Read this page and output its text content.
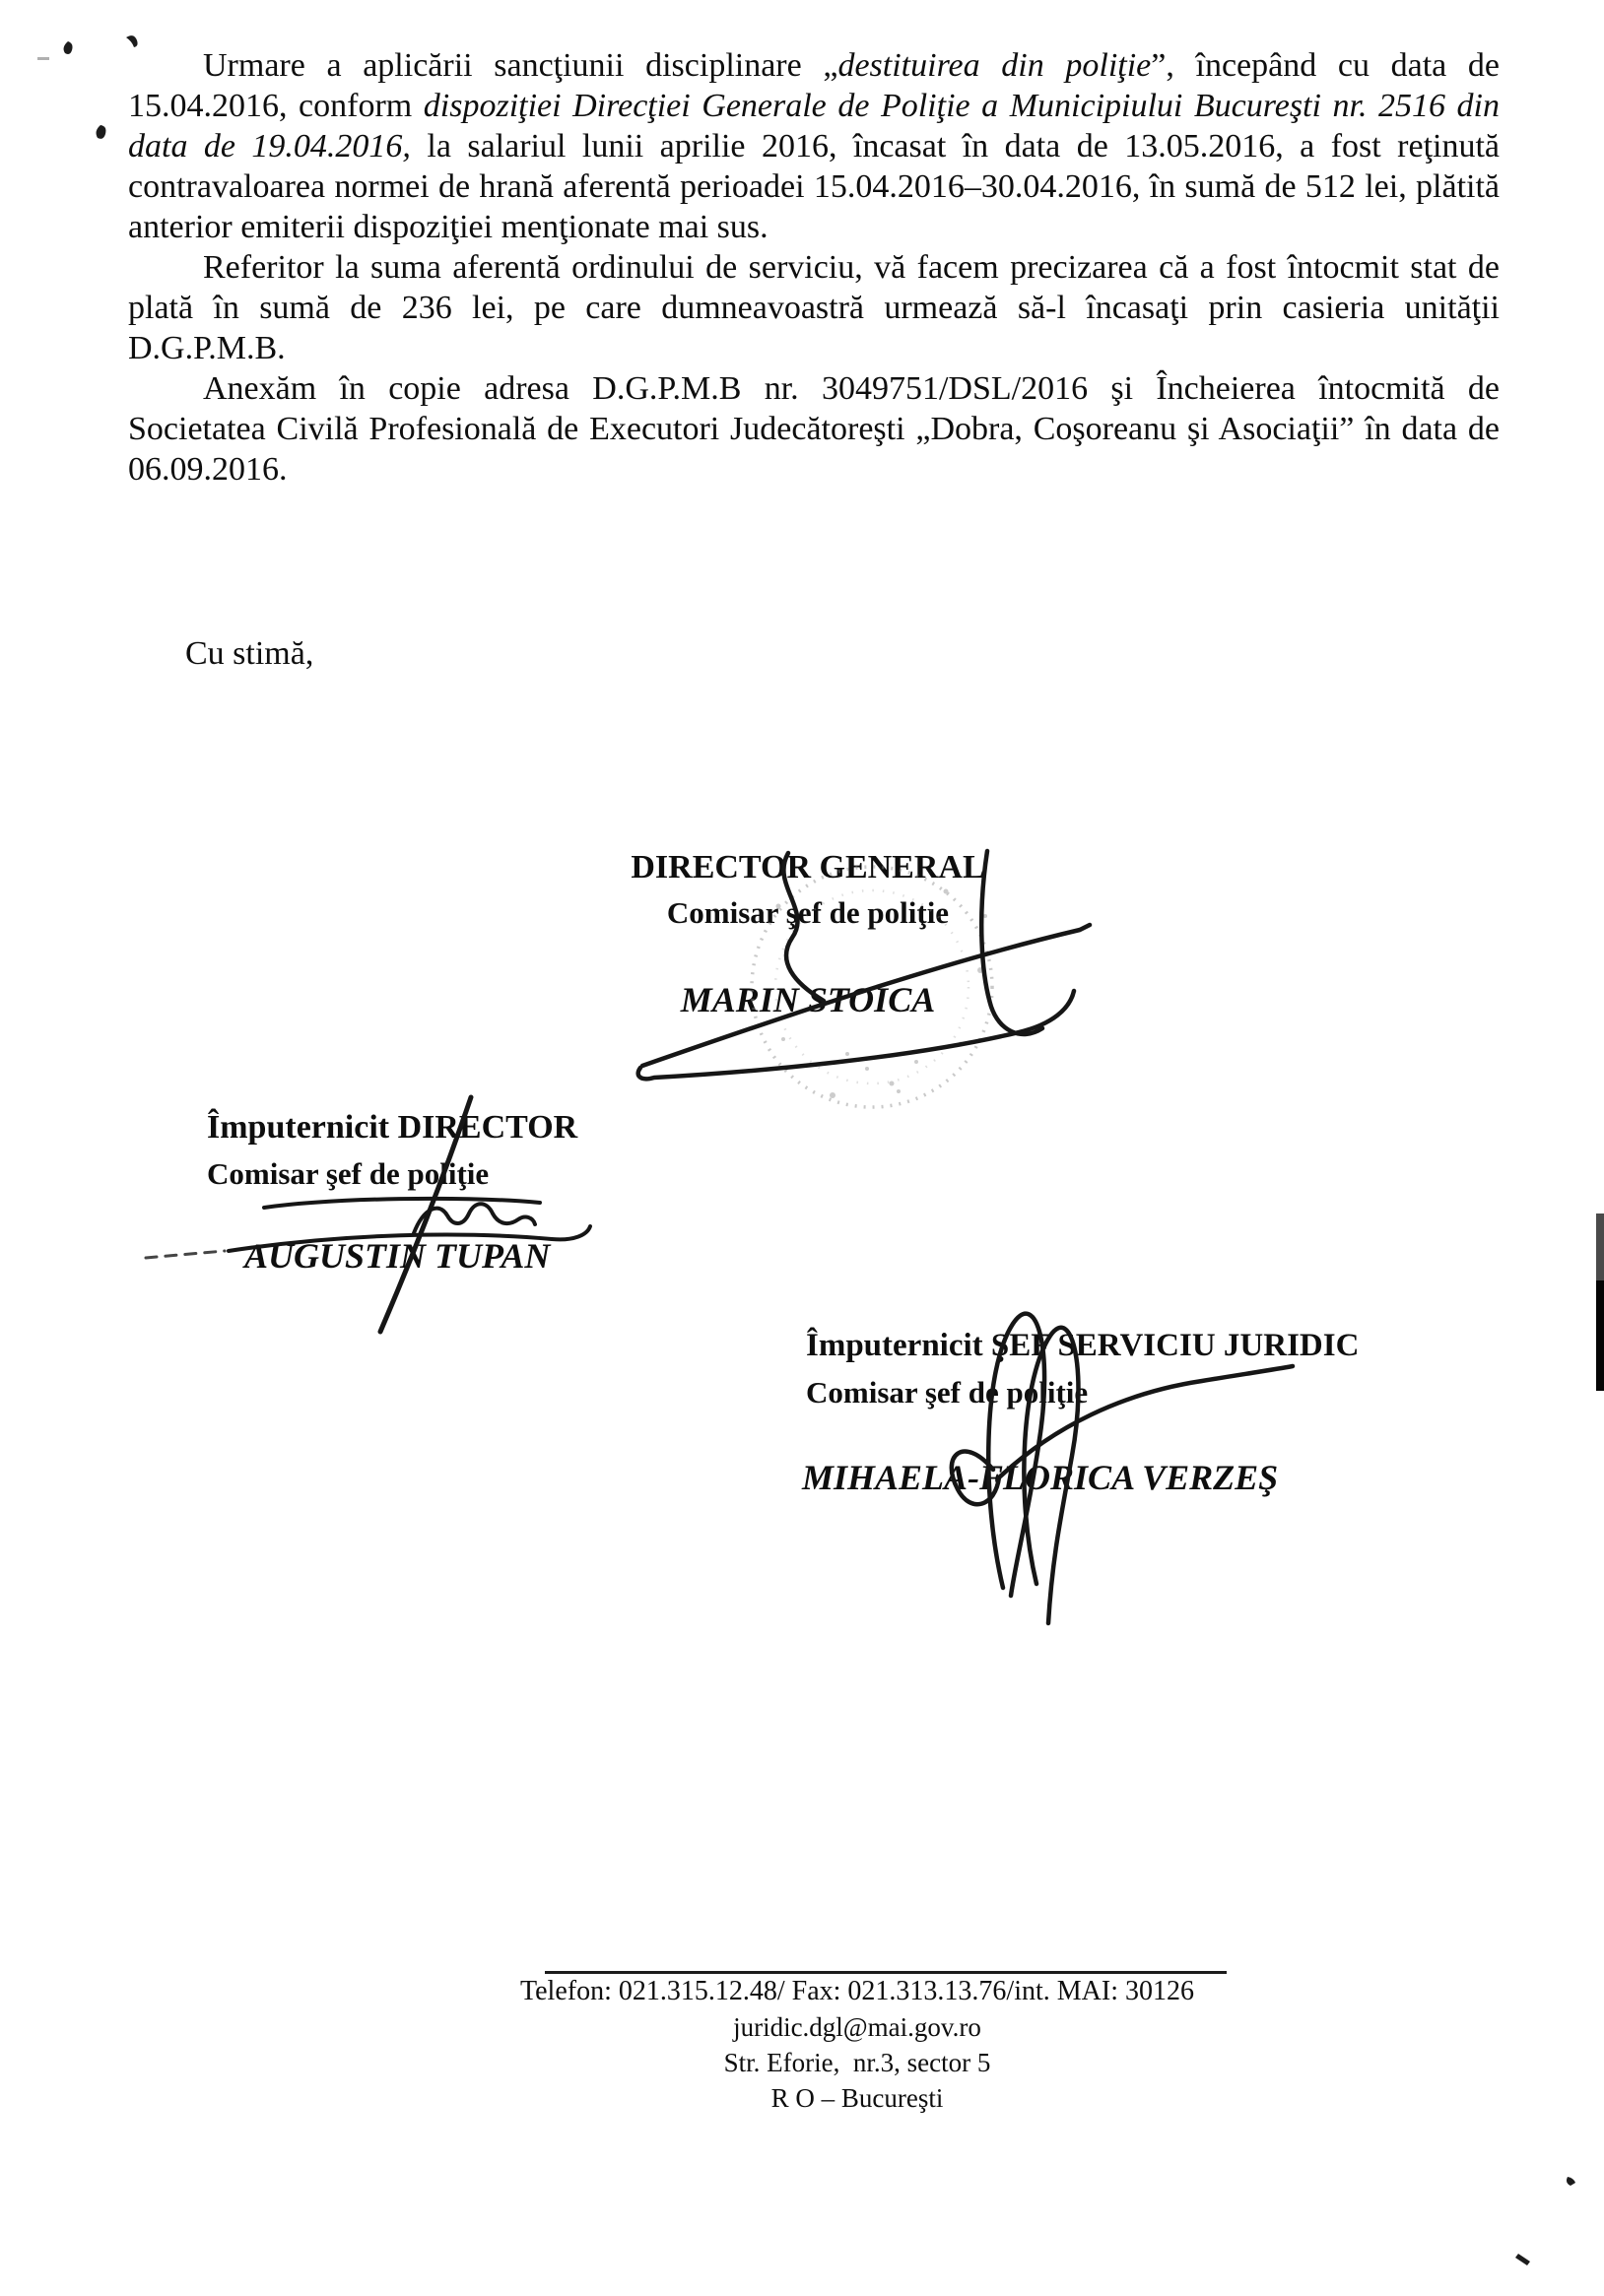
Urmare a aplicării sancţiunii disciplinare „destituirea din poliţie”, începând cu data de 15.04.2016, conform dispoziţiei Direcţiei Generale de Poliţie a Municipiului Bucureşti nr. 2516 din data de 19.04.2016, la salariul lunii aprilie 2016, încasat în data de 13.05.2016, a fost reţinută contravaloarea normei de hrană aferentă perioadei 15.04.2016–30.04.2016, în sumă de 512 lei, plătită anterior emiterii dispoziţiei menţionate mai sus.

Referitor la suma aferentă ordinului de serviciu, vă facem precizarea că a fost întocmit stat de plată în sumă de 236 lei, pe care dumneavoastră urmează să-l încasaţi prin casieria unităţii D.G.P.M.B.

Anexăm în copie adresa D.G.P.M.B nr. 3049751/DSL/2016 şi Încheierea întocmită de Societatea Civilă Profesională de Executori Judecătoreşti „Dobra, Coşoreanu şi Asociaţii” în data de 06.09.2016.

Cu stimă,
DIRECTOR GENERAL
Comisar şef de poliţie
MARIN STOICA
Împuternicit DIRECTOR
Comisar şef de poliţie
AUGUSTIN TUPAN
Împuternicit ŞEF SERVICIU JURIDIC
Comisar şef de poliţie
MIHAELA-FLORICA VERZEŞ
Telefon: 021.315.12.48/ Fax: 021.313.13.76/int. MAI: 30126
juridic.dgl@mai.gov.ro
Str. Eforie,  nr.3, sector 5
R O – Bucureşti
